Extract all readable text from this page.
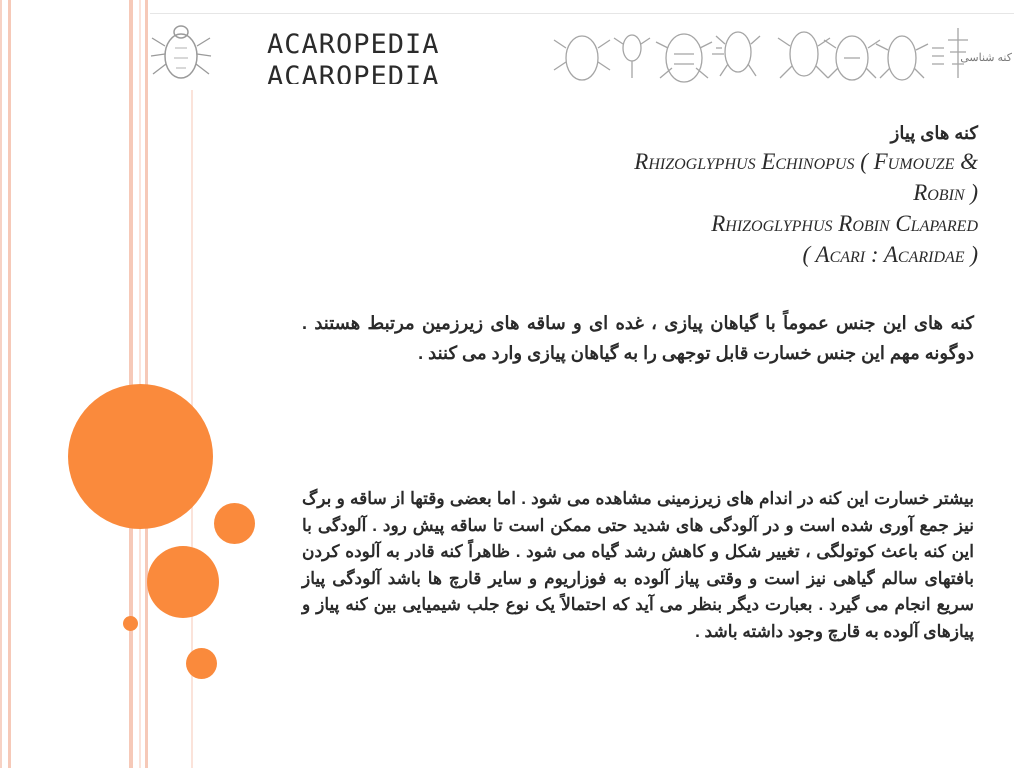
ACAROPEDIA
ACAROPEDIA
کنه شناسی
کنه های پیاز
Rhizoglyphus Echinopus ( Fumouze &
Robin )
Rhizoglyphus Robin Clapared
( Acari : Acaridae )
کنه های این جنس عموماً با گیاهان پیازی ، غده ای و ساقه های زیرزمین مرتبط هستند . دوگونه مهم این جنس خسارت قابل توجهی را به گیاهان پیازی وارد می کنند .
بیشتر خسارت این کنه در اندام های زیرزمینی مشاهده می شود . اما بعضی وقتها از ساقه و برگ نیز جمع آوری شده است و در آلودگی های شدید حتی ممکن است تا ساقه پیش رود . آلودگی با این کنه باعث کوتولگی ، تغییر شکل و کاهش رشد گیاه می شود . ظاهراً کنه قادر به آلوده کردن بافتهای سالم گیاهی نیز است و وقتی پیاز آلوده به فوزاریوم و سایر قارچ ها باشد آلودگی پیاز سریع انجام می گیرد . بعبارت دیگر بنظر می آید که احتمالاً یک نوع جلب شیمیایی بین کنه پیاز و پیازهای آلوده به قارچ وجود داشته باشد .
